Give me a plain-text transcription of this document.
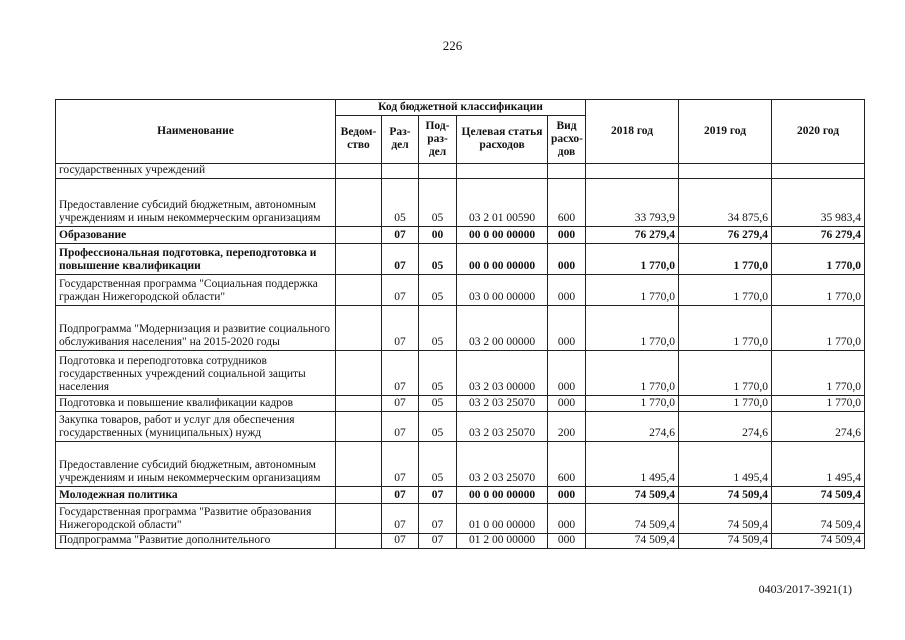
226
Наименование	Код бюджетной классификации					2018 год	2019 год	2020 год
	Ведом-ство	Раз-дел	Под-раз-дел	Целевая статья расходов	Вид расхо-дов			
государственных учреждений								
Предоставление субсидий бюджетным, автономным учреждениям и иным некоммерческим организациям		05	05	03 2 01 00590	600	33 793,9	34 875,6	35 983,4
Образование		07	00	00 0 00 00000	000	76 279,4	76 279,4	76 279,4
Профессиональная подготовка, переподготовка и повышение квалификации		07	05	00 0 00 00000	000	1 770,0	1 770,0	1 770,0
Государственная программа "Социальная поддержка граждан Нижегородской области"		07	05	03 0 00 00000	000	1 770,0	1 770,0	1 770,0
Подпрограмма "Модернизация и развитие социального обслуживания населения" на 2015-2020 годы		07	05	03 2 00 00000	000	1 770,0	1 770,0	1 770,0
Подготовка и переподготовка сотрудников государственных учреждений социальной защиты населения		07	05	03 2 03 00000	000	1 770,0	1 770,0	1 770,0
Подготовка и повышение квалификации кадров		07	05	03 2 03 25070	000	1 770,0	1 770,0	1 770,0
Закупка товаров, работ и услуг для обеспечения государственных (муниципальных) нужд		07	05	03 2 03 25070	200	274,6	274,6	274,6
Предоставление субсидий бюджетным, автономным учреждениям и иным некоммерческим организациям		07	05	03 2 03 25070	600	1 495,4	1 495,4	1 495,4
Молодежная политика		07	07	00 0 00 00000	000	74 509,4	74 509,4	74 509,4
Государственная программа "Развитие образования Нижегородской области"		07	07	01 0 00 00000	000	74 509,4	74 509,4	74 509,4
Подпрограмма "Развитие дополнительного		07	07	01 2 00 00000	000	74 509,4	74 509,4	74 509,4
0403/2017-3921(1)
